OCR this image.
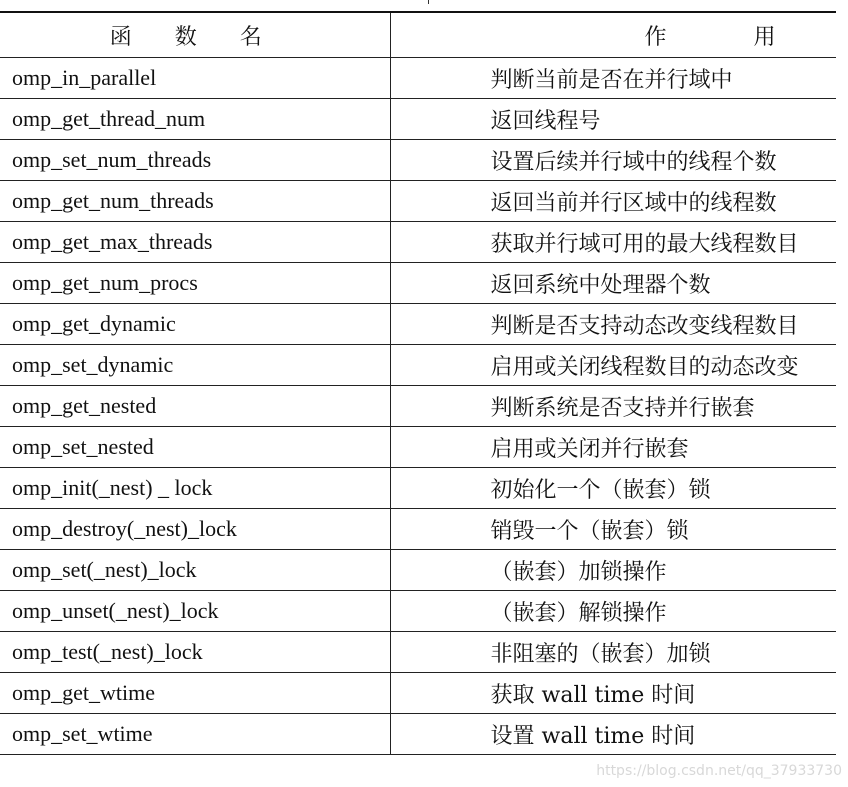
函 数 名	作 用
omp_in_parallel	判断当前是否在并行域中
omp_get_thread_num	返回线程号
omp_set_num_threads	设置后续并行域中的线程个数
omp_get_num_threads	返回当前并行区域中的线程数
omp_get_max_threads	获取并行域可用的最大线程数目
omp_get_num_procs	返回系统中处理器个数
omp_get_dynamic	判断是否支持动态改变线程数目
omp_set_dynamic	启用或关闭线程数目的动态改变
omp_get_nested	判断系统是否支持并行嵌套
omp_set_nested	启用或关闭并行嵌套
omp_init(_nest) _ lock	初始化一个（嵌套）锁
omp_destroy(_nest)_lock	销毁一个（嵌套）锁
omp_set(_nest)_lock	（嵌套）加锁操作
omp_unset(_nest)_lock	（嵌套）解锁操作
omp_test(_nest)_lock	非阻塞的（嵌套）加锁
omp_get_wtime	获取 wall time 时间
omp_set_wtime	设置 wall time 时间
https://blog.csdn.net/qq_37933730
